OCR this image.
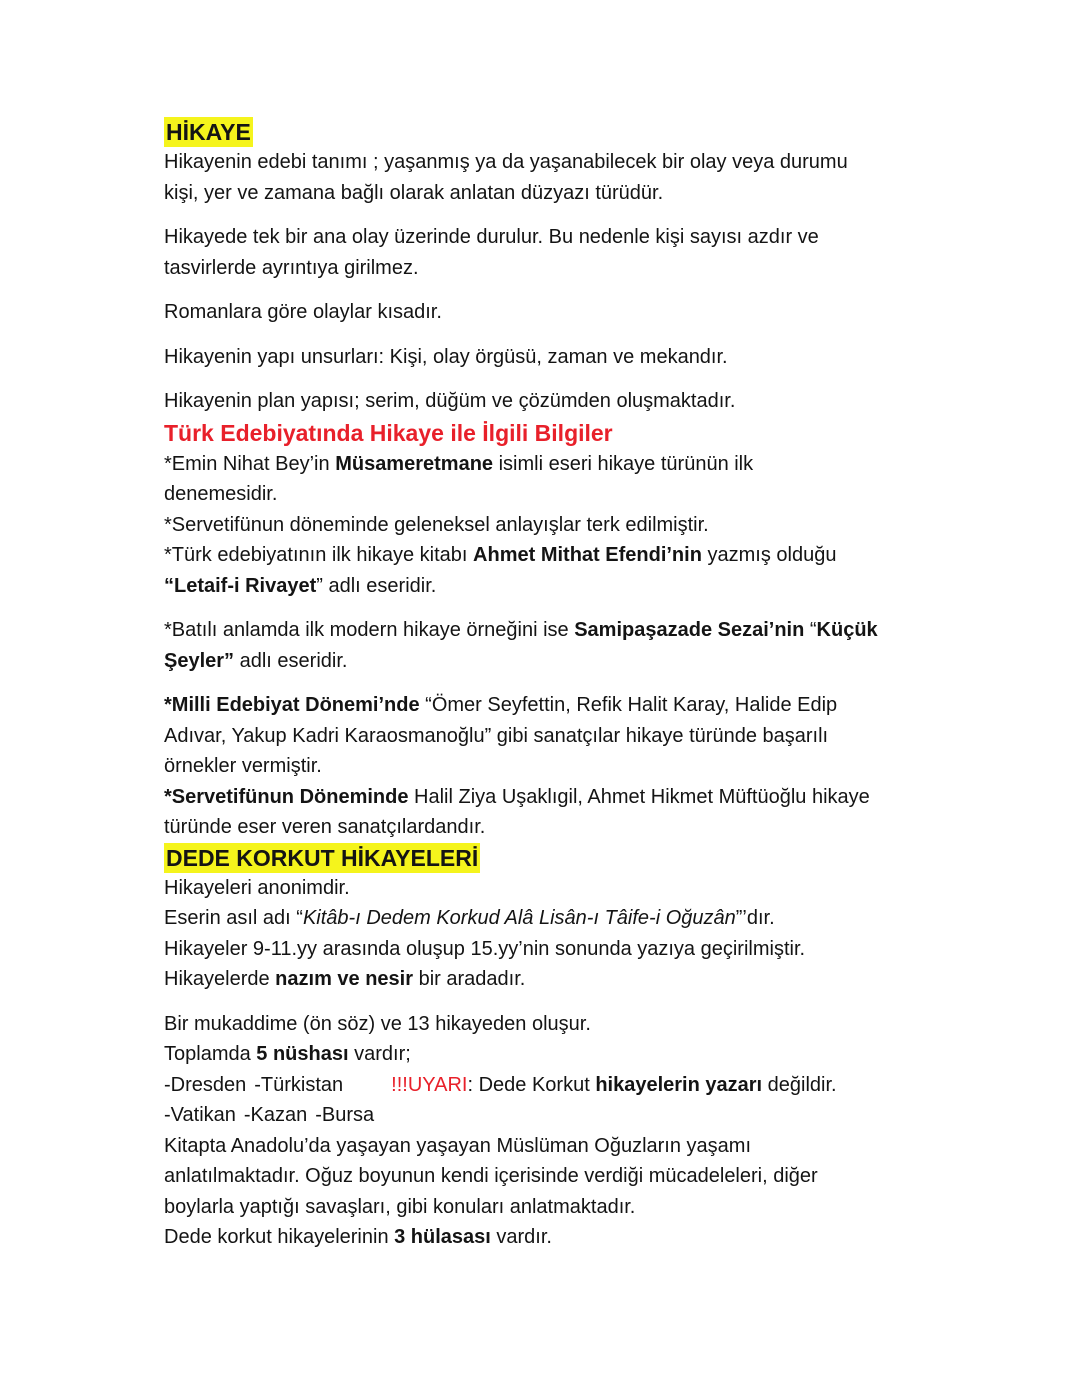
HİKAYE
Hikayenin edebi tanımı ; yaşanmış ya da yaşanabilecek bir olay veya durumu
kişi, yer ve zamana bağlı olarak anlatan düzyazı türüdür.
Hikayede tek bir ana olay üzerinde durulur. Bu nedenle kişi sayısı azdır ve
tasvirlerde ayrıntıya girilmez.
Romanlara göre olaylar kısadır.
Hikayenin yapı unsurları: Kişi, olay örgüsü, zaman ve mekandır.
Hikayenin plan yapısı; serim, düğüm ve çözümden oluşmaktadır.
Türk Edebiyatında Hikaye ile İlgili Bilgiler
*Emin Nihat Bey’in Müsameretmane isimli eseri hikaye türünün ilk
denemesidir.
*Servetifünun döneminde geleneksel anlayışlar terk edilmiştir.
*Türk edebiyatının ilk hikaye kitabı Ahmet Mithat Efendi’nin yazmış olduğu
“Letaif-i Rivayet” adlı eseridir.
*Batılı anlamda ilk modern hikaye örneğini ise Samipaşazade Sezai’nin “Küçük
Şeyler” adlı eseridir.
*Milli Edebiyat Dönemi’nde “Ömer Seyfettin, Refik Halit Karay, Halide Edip
Adıvar, Yakup Kadri Karaosmanoğlu” gibi sanatçılar hikaye türünde başarılı
örnekler vermiştir.
*Servetifünun Döneminde Halil Ziya Uşaklıgil, Ahmet Hikmet Müftüoğlu hikaye
türünde eser veren sanatçılardandır.
DEDE KORKUT HİKAYELERİ
Hikayeleri anonimdir.
Eserin asıl adı “Kitâb-ı Dedem Korkud Alâ Lisân-ı Tâife-i Oğuzân”’dır.
Hikayeler 9-11.yy arasında oluşup 15.yy’nin sonunda yazıya geçirilmiştir.
Hikayelerde nazım ve nesir bir aradadır.
Bir mukaddime (ön söz) ve 13 hikayeden oluşur.
Toplamda 5 nüshası vardır;
-Dresden -Türkistan !!!UYARI: Dede Korkut hikayelerin yazarı değildir.
-Vatikan -Kazan -Bursa
Kitapta Anadolu’da yaşayan yaşayan Müslüman Oğuzların yaşamı
anlatılmaktadır. Oğuz boyunun kendi içerisinde verdiği mücadeleleri, diğer
boylarla yaptığı savaşları, gibi konuları anlatmaktadır.
Dede korkut hikayelerinin 3 hülasası vardır.
